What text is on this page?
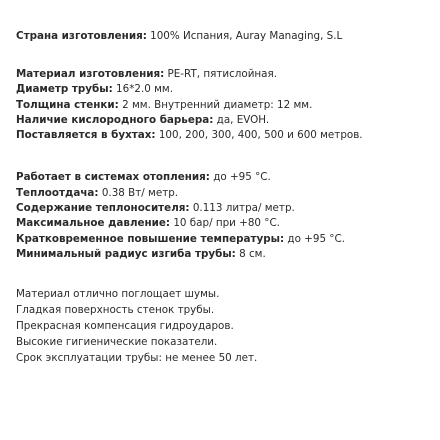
Страна изготовления: 100% Испания, Auray Managing, S.L
Материал изготовления: PE-RT, пятислойная.
Диаметр трубы: 16*2.0 мм.
Толщина стенки: 2 мм. Внутренний диаметр: 12 мм.
Наличие кислородного барьера: да, EVOH.
Поставляется в бухтах: 100, 200, 300, 400, 500 и 600 метров.
Работает в системах отопления: до +95 °С.
Теплоотдача: 0.38 Вт/ метр.
Содержание теплоносителя: 0.113 литра/ метр.
Максимальное давление: 10 бар/ при +80 °С.
Кратковременное повышение температуры: до +95 °С.
Минимальный радиус изгиба трубы: 8 см.
Материал отлично поглощает шумы.
Гладкая поверхность стенок трубы.
Прекрасная компенсация гидроударов.
Высокие гигиенические показатели.
Срок эксплуатации трубы: не менее 50 лет.
